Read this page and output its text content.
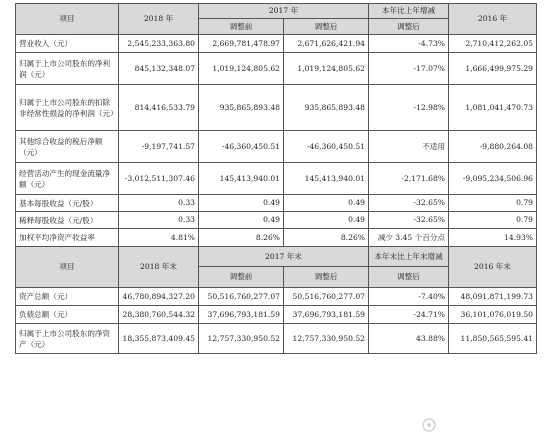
项目	2018 年	2017 年		本年比上年增减	2016 年
		调整前	调整后	调整后	
营业收入（元）	2,545,233,363.80	2,669,781,478.97	2,671,626,421.94	-4.73%	2,710,412,262.05
归属于上市公司股东的净利润（元）	845,132,348.07	1,019,124,805.62	1,019,124,805.62	-17.07%	1,666,499,975.29
归属于上市公司股东的扣除非经常性损益的净利润（元）	814,416,533.79	935,865,893.48	935,865,893.48	-12.98%	1,081,041,470.73
其他综合收益的税后净额（元）	-9,197,741.57	-46,360,450.51	-46,360,450.51	不适用	-9,880,264.08
经营活动产生的现金流量净额（元）	-3,012,511,307.46	145,413,940.01	145,413,940.01	-2,171.68%	-9,095,234,506.96
基本每股收益（元/股）	0.33	0.49	0.49	-32.65%	0.79
稀释每股收益（元/股）	0.33	0.49	0.49	-32.65%	0.79
加权平均净资产收益率	4.81%	8.26%	8.26%	减少 3.45 个百分点	14.93%
项目	2018 年末	2017 年末		本年末比上年末增减	2016 年末
		调整前	调整后	调整后	
资产总额（元）	46,780,894,327.20	50,516,760,277.07	50,516,760,277.07	-7.40%	48,091,871,199.73
负债总额（元）	28,380,760,544.32	37,696,793,181.59	37,696,793,181.59	-24.71%	36,101,076,019.50
归属于上市公司股东的净资产（元）	18,355,873,409.45	12,757,330,950.52	12,757,330,950.52	43.88%	11,850,565,595.41
